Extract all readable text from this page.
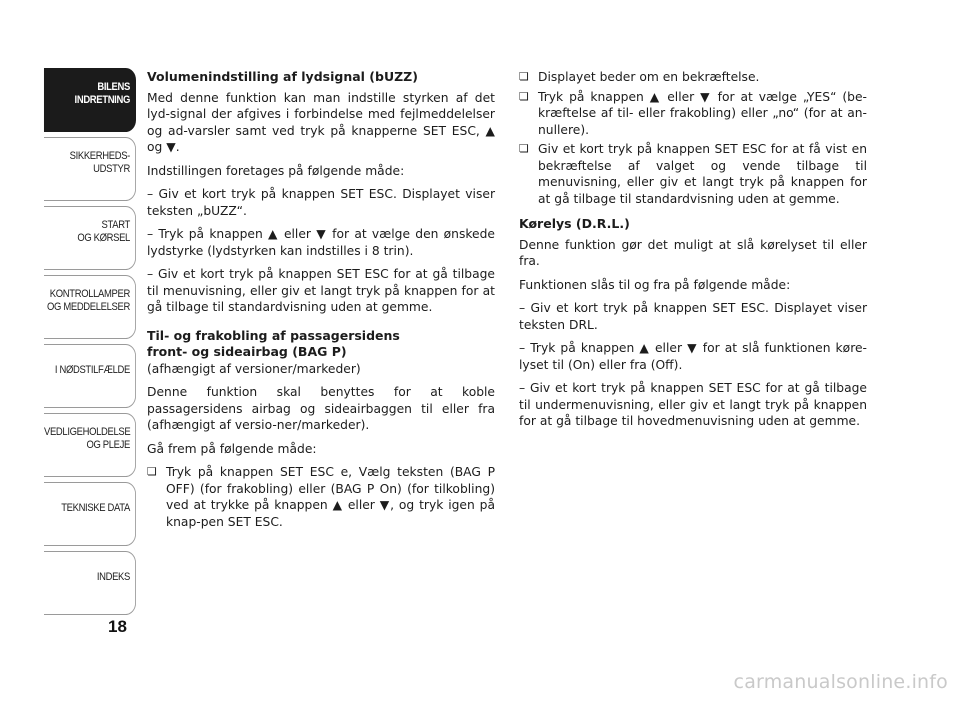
BILENS
INDRETNING
SIKKERHEDS-
UDSTYR
START
OG KØRSEL
KONTROLLAMPER
OG MEDDELELSER
I NØDSTILFÆLDE
VEDLIGEHOLDELSE
OG PLEJE
TEKNISKE DATA
INDEKS
18
Volumenindstilling af lydsignal (bUZZ)

Med denne funktion kan man indstille styrken af det lyd-signal der afgives i forbindelse med fejlmeddelelser og ad-varsler samt ved tryk på knapperne SET ESC, ▲ og ▼.

Indstillingen foretages på følgende måde:

– Giv et kort tryk på knappen SET ESC. Displayet viser teksten „bUZZ“.

– Tryk på knappen ▲ eller ▼ for at vælge den ønskede lydstyrke (lydstyrken kan indstilles i 8 trin).

– Giv et kort tryk på knappen SET ESC for at gå tilbage til menuvisning, eller giv et langt tryk på knappen for at gå tilbage til standardvisning uden at gemme.

Til- og frakobling af passagersidens
front- og sideairbag (BAG P)

(afhængigt af versioner/markeder)

Denne funktion skal benyttes for at koble passagersidens airbag og sideairbaggen til eller fra (afhængigt af versio-ner/markeder).

Gå frem på følgende måde:

❏ Tryk på knappen SET ESC e, Vælg teksten (BAG P OFF) (for frakobling) eller (BAG P On) (for tilkobling) ved at trykke på knappen ▲ eller ▼, og tryk igen på knap-pen SET ESC.
❏ Displayet beder om en bekræftelse.
❏ Tryk på knappen ▲ eller ▼ for at vælge „YES“ (be-kræftelse af til- eller frakobling) eller „no“ (for at an-nullere).
❏ Giv et kort tryk på knappen SET ESC for at få vist en bekræftelse af valget og vende tilbage til menuvisning, eller giv et langt tryk på knappen for at gå tilbage til standardvisning uden at gemme.
Kørelys (D.R.L.)

Denne funktion gør det muligt at slå kørelyset til eller fra.

Funktionen slås til og fra på følgende måde:

– Giv et kort tryk på knappen SET ESC. Displayet viser teksten DRL.

– Tryk på knappen ▲ eller ▼ for at slå funktionen køre-lyset til (On) eller fra (Off).

– Giv et kort tryk på knappen SET ESC for at gå tilbage til undermenuvisning, eller giv et langt tryk på knappen for at gå tilbage til hovedmenuvisning uden at gemme.

carmanualsonline.info
